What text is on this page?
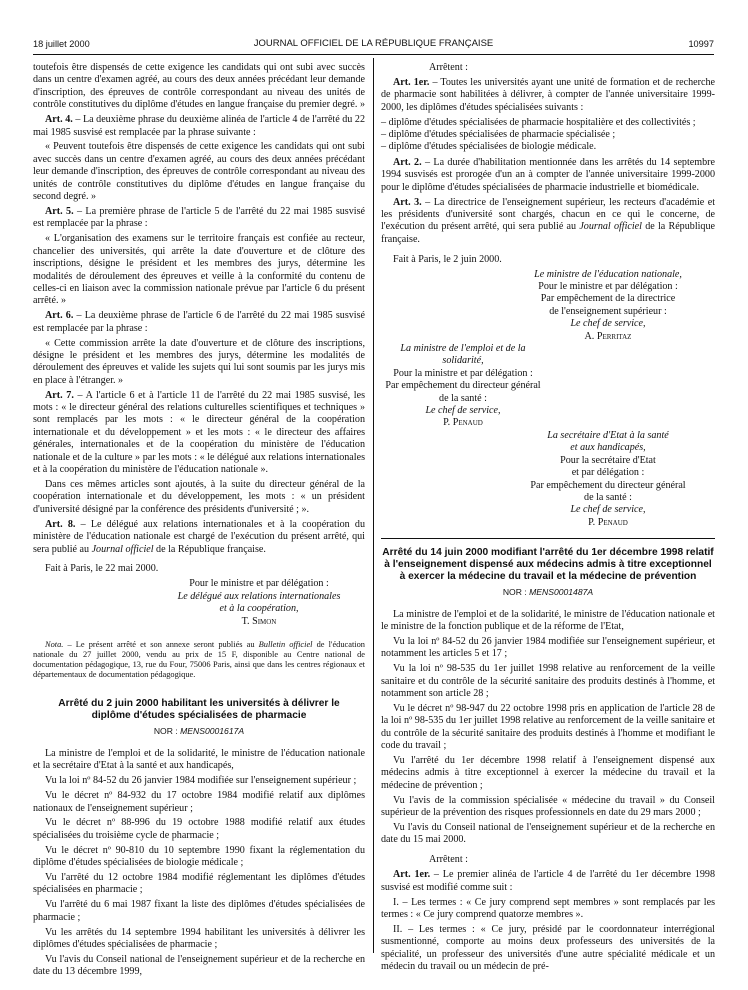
18 juillet 2000	JOURNAL OFFICIEL DE LA RÉPUBLIQUE FRANÇAISE	10997

toutefois être dispensés de cette exigence les candidats qui ont subi avec succès dans un centre d'examen agréé, au cours des deux années précédant leur demande d'inscription, des épreuves de contrôle correspondant au niveau des unités de contrôle constitutives du diplôme d'études en langue française du premier degré. »

Art. 4. – La deuxième phrase du deuxième alinéa de l'article 4 de l'arrêté du 22 mai 1985 susvisé est remplacée par la phrase suivante :

« Peuvent toutefois être dispensés de cette exigence les candidats qui ont subi avec succès dans un centre d'examen agréé, au cours des deux années précédant leur demande d'inscription, des épreuves de contrôle correspondant au niveau des unités de contrôle constitutives du diplôme d'études en langue française du second degré. »

Art. 5. – La première phrase de l'article 5 de l'arrêté du 22 mai 1985 susvisé est remplacée par la phrase :

« L'organisation des examens sur le territoire français est confiée au recteur, chancelier des universités, qui arrête la date d'ouverture et de clôture des inscriptions, désigne le président et les membres des jurys, détermine les modalités de déroulement des épreuves et veille à la conformité du contenu de celles-ci en liaison avec la commission nationale prévue par l'article 6 du présent arrêté. »

Art. 6. – La deuxième phrase de l'article 6 de l'arrêté du 22 mai 1985 susvisé est remplacée par la phrase :

« Cette commission arrête la date d'ouverture et de clôture des inscriptions, désigne le président et les membres des jurys, détermine les modalités de déroulement des épreuves et valide les sujets qui lui sont soumis par les jurys mis en place à l'étranger. »

Art. 7. – A l'article 6 et à l'article 11 de l'arrêté du 22 mai 1985 susvisé, les mots : « le directeur général des relations culturelles scientifiques et techniques » sont remplacés par les mots : « le directeur général de la coopération internationale et du développement » et les mots : « le directeur des affaires générales, internationales et de la coopération du ministère de l'éducation nationale et de la culture » par les mots : « le délégué aux relations internationales et à la coopération du ministère de l'éducation nationale ».

Dans ces mêmes articles sont ajoutés, à la suite du directeur général de la coopération internationale et du développement, les mots : « un président d'université désigné par la conférence des présidents d'université ; ».

Art. 8. – Le délégué aux relations internationales et à la coopération du ministère de l'éducation nationale est chargé de l'exécution du présent arrêté, qui sera publié au Journal officiel de la République française.

Fait à Paris, le 22 mai 2000.

Pour le ministre et par délégation :
Le délégué aux relations internationales
et à la coopération,
T. Simon

Nota. – Le présent arrêté et son annexe seront publiés au Bulletin officiel de l'éducation nationale du 27 juillet 2000, vendu au prix de 15 F, disponible au Centre national de documentation pédagogique, 13, rue du Four, 75006 Paris, ainsi que dans les centres régionaux et départementaux de documentation pédagogique.

Arrêté du 2 juin 2000 habilitant les universités à délivrer le diplôme d'études spécialisées de pharmacie

NOR : MENS0001617A

La ministre de l'emploi et de la solidarité, le ministre de l'éducation nationale et la secrétaire d'Etat à la santé et aux handicapés,

Vu la loi nº 84-52 du 26 janvier 1984 modifiée sur l'enseignement supérieur ;

Vu le décret nº 84-932 du 17 octobre 1984 modifié relatif aux diplômes nationaux de l'enseignement supérieur ;

Vu le décret nº 88-996 du 19 octobre 1988 modifié relatif aux études spécialisées du troisième cycle de pharmacie ;

Vu le décret nº 90-810 du 10 septembre 1990 fixant la réglementation du diplôme d'études spécialisées de biologie médicale ;

Vu l'arrêté du 12 octobre 1984 modifié réglementant les diplômes d'études spécialisées en pharmacie ;

Vu l'arrêté du 6 mai 1987 fixant la liste des diplômes d'études spécialisées de pharmacie ;

Vu les arrêtés du 14 septembre 1994 habilitant les universités à délivrer les diplômes d'études spécialisées de pharmacie ;

Vu l'avis du Conseil national de l'enseignement supérieur et de la recherche en date du 13 décembre 1999,

Arrêtent :

Art. 1er. – Toutes les universités ayant une unité de formation et de recherche de pharmacie sont habilitées à délivrer, à compter de l'année universitaire 1999-2000, les diplômes d'études spécialisées suivants :

– diplôme d'études spécialisées de pharmacie hospitalière et des collectivités ;

– diplôme d'études spécialisées de pharmacie spécialisée ;

– diplôme d'études spécialisées de biologie médicale.

Art. 2. – La durée d'habilitation mentionnée dans les arrêtés du 14 septembre 1994 susvisés est prorogée d'un an à compter de l'année universitaire 1999-2000 pour le diplôme d'études spécialisées de pharmacie industrielle et biomédicale.

Art. 3. – La directrice de l'enseignement supérieur, les recteurs d'académie et les présidents d'université sont chargés, chacun en ce qui le concerne, de l'exécution du présent arrêté, qui sera publié au Journal officiel de la République française.

Fait à Paris, le 2 juin 2000.

Le ministre de l'éducation nationale,
Pour le ministre et par délégation :
Par empêchement de la directrice
de l'enseignement supérieur :
Le chef de service,
A. Perritaz
La ministre de l'emploi et de la solidarité,
Pour la ministre et par délégation :
Par empêchement du directeur général
de la santé :
Le chef de service,
P. Penaud
La secrétaire d'Etat à la santé
et aux handicapés,
Pour la secrétaire d'Etat
et par délégation :
Par empêchement du directeur général
de la santé :
Le chef de service,
P. Penaud

Arrêté du 14 juin 2000 modifiant l'arrêté du 1er décembre 1998 relatif à l'enseignement dispensé aux médecins admis à titre exceptionnel à exercer la médecine du travail et la médecine de prévention

NOR : MENS0001487A

La ministre de l'emploi et de la solidarité, le ministre de l'éducation nationale et le ministre de la fonction publique et de la réforme de l'Etat,

Vu la loi nº 84-52 du 26 janvier 1984 modifiée sur l'enseignement supérieur, et notamment les articles 5 et 17 ;

Vu la loi nº 98-535 du 1er juillet 1998 relative au renforcement de la veille sanitaire et du contrôle de la sécurité sanitaire des produits destinés à l'homme, et notamment son article 28 ;

Vu le décret nº 98-947 du 22 octobre 1998 pris en application de l'article 28 de la loi nº 98-535 du 1er juillet 1998 relative au renforcement de la veille sanitaire et du contrôle de la sécurité sanitaire des produits destinés à l'homme et modifiant le code du travail ;

Vu l'arrêté du 1er décembre 1998 relatif à l'enseignement dispensé aux médecins admis à titre exceptionnel à exercer la médecine du travail et la médecine de prévention ;

Vu l'avis de la commission spécialisée « médecine du travail » du Conseil supérieur de la prévention des risques professionnels en date du 29 mars 2000 ;

Vu l'avis du Conseil national de l'enseignement supérieur et de la recherche en date du 15 mai 2000.

Arrêtent :

Art. 1er. – Le premier alinéa de l'article 4 de l'arrêté du 1er décembre 1998 susvisé est modifié comme suit :

I. – Les termes : « Ce jury comprend sept membres » sont remplacés par les termes : « Ce jury comprend quatorze membres ».

II. – Les termes : « Ce jury, présidé par le coordonnateur interrégional susmentionné, comporte au moins deux professeurs des universités de la spécialité, un professeur des universités d'une autre spécialité médicale et un médecin du travail ou un médecin de pré-
